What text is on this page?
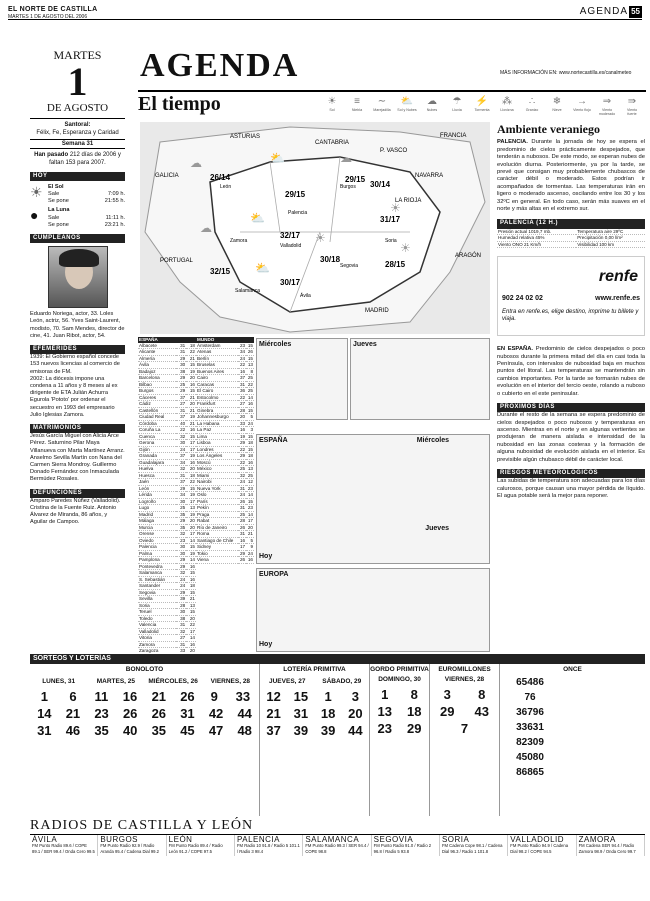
EL NORTE DE CASTILLA
MARTES 1 DE AGOSTO DEL 2006	AGENDA 55
MARTES
1
DE AGOSTO
Santoral:
Félix, Fe, Esperanza y Caridad
Semana 31
Han pasado 212 días de 2006 y faltan 153 para 2007.
HOY
☀ El Sol
Sale	7:09 h.
Se pone	21:55 h.
●	La Luna
Sale	11:11 h.
Se pone	23:21 h.
CUMPLEAÑOS
Eduardo Noriega, actor, 33. Loles León, actriz, 56. Yves Saint-Laurent, modisto, 70. Sam Mendes, director de cine, 41. Juan Ribot, actor, 54.
EFEMÉRIDES
1939: El Gobierno español concede 153 nuevos licencias al comercio de emisoras de FM.
2002: La diócesis impone una condena a 11 años y 8 meses al ex dirigente de ETA Julián Achurra Egurola 'Pototo' por ordenar el secuestro en 1993 del empresario Julio Iglesias Zamora.
MATRIMONIOS
Jesús García Miguel con Alicia Arce Pérez. Saturnino Pilar Maya Villanueva con Marta Martínez Arranz. Anselmo Sevilla Martín con Nana del Carmen Sierra Mondroy. Guillermo Donado Fernández con Inmaculada Bermúdez Rosales.
DEFUNCIONES
Amparo Paredes Núñez (Valladolid). Cristina de la Fuente Ruiz. Antonio Álvarez de Miranda, 86 años, y Aguilar de Campoo.
AGENDA	MÁS INFORMACIÓN EN: www.nortecastilla.es/canalmeteo
El tiempo	☀
Sol
≡
Niebla
∼
Marejadilla
⛅
Sol y Nubes
☁
Nubes
☂
Lluvia
⚡
Tormenta
⁂
Llovizna
∴
Granizo
❄
Nieve
→
Viento flojo
⇒
Viento moderado
⇛
Viento fuerte
ASTURIAS
CANTABRIA
P. VASCO
FRANCIA
GALICIA	NAVARRA
LA RIOJA
ARAGÓN
PORTUGAL
MADRID
León	Burgos
Palencia
Zamora
Valladolid
Segovia
Soria
Ávila
Salamanca
26/14
29/15
29/15
31/17
32/17
32/15
30/18
30/17
28/15
30/14
☁	⛅	☁
☀
⛅
☁
☀
⛅
☀
Ambiente veraniego
PALENCIA. Durante la jornada de hoy se espera el predominio de cielos prácticamente despejados, que tenderán a nubosos. De este modo, se esperan nubes de evolución diurna. Posteriormente, ya por la tarde, se prevé que consigan muy probablemente chubascos de carácter débil o moderado. Estos podrían ir acompañados de tormentas. Las temperaturas irán en ligero o moderado ascenso, oscilando entre los 30 y los 32ºC en general. En todo caso, serán más suaves en el norte y más altas en el extremo sur.
PALENCIA (12 H.)
Presión actual 1019,7 mb.	Temperatura aire 29ºC
Humedad relativa 45%	Precipitación 0,00 l/m²
Viento ONO 21 Km/h	Visibilidad 100 km
renfe
902 24 02 02	www.renfe.es
Entra en renfe.es, elige destino, imprime tu billete y viaja.
EN ESPAÑA. Predominio de cielos despejados o poco nubosos durante la primera mitad del día en casi toda la Península, con intervalos de nubosidad baja en muchos puntos del litoral. Las temperaturas se mantendrán sin cambios importantes. Por la tarde se formarán nubes de evolución en el interior del tercio oeste, rolando a nuboso o cubierto en el este peninsular.
PRÓXIMOS DÍAS
Durante el resto de la semana se espera predominio de cielos despejados o poco nubosos y temperaturas en ascenso. Mientras en el norte y en algunas vertientes se produjeran de manera aislada e intensidad de la nubosidad en las zonas costeras y la formación de alguna nubosidad de evolución aislada en el interior. Es previsible algún chubasco débil de carácter local.
RIESGOS METEOROLÓGICOS
Las subidas de temperatura son adecuadas para los días calurosos, porque causan una mayor pérdida de líquido. El agua potable será la mejor para reponer.
ESPAÑA		
Albacete	31	18
Alicante	31	22
Almería	29	21
Ávila	30	15
Badajoz	38	19
Barcelona	29	20
Bilbao	25	16
Burgos	29	15
Cáceres	37	21
Cádiz	27	20
Castellón	31	21
Ciudad Real	37	19
Córdoba	40	21
Coruña La	22	16
Cuenca	32	15
Gerona	30	17
Gijón	24	17
Granada	37	19
Guadalajara	34	16
Huelva	32	20
Huesca	31	18
Jaén	37	22
León	29	15
Lérida	34	19
Logroño	30	17
Lugo	25	13
Madrid	35	19
Málaga	29	20
Murcia	35	20
Orense	32	17
Oviedo	23	14
Palencia	30	15
Palma	30	19
Pamplona	29	14
Pontevedra	29	16
Salamanca	32	15
S. Sebastián	24	16
Santander	24	18
Segovia	29	15
Sevilla	39	21
Soria	28	13
Teruel	30	15
Toledo	38	20
Valencia	31	22
Valladolid	32	17
Vitoria	27	14
Zamora	31	16
Zaragoza	33	20
MUNDO		
Ámsterdam	23	15
Atenas	34	26
Berlín	24	15
Bruselas	22	13
Buenos Aires	16	8
Cairo	37	25
Caracas	31	22
El Cairo	36	25
Estocolmo	22	14
Frankfurt	27	16
Ginebra	28	15
Johannesburgo	20	5
La Habana	33	24
La Paz	16	3
Lima	19	15
Lisboa	29	18
Londres	22	15
Los Ángeles	29	18
Moscú	22	16
México	25	13
Miami	32	25
Nairobi	24	12
Nueva York	31	23
Oslo	24	14
París	26	15
Pekín	31	23
Praga	25	14
Rabat	28	17
Río de Janeiro	26	20
Roma	31	21
Santiago de Chile	16	5
Sidney	17	9
Tokio	29	24
Viena	26	16
Miércoles	Jueves
ESPAÑA
Hoy
Miércoles
Jueves
EUROPA
Hoy
SORTEOS Y LOTERÍAS
BONOLOTO
LUNES, 31
1 6
14 21
31 46
MARTES, 25
11 16
23 26
35 40
MIÉRCOLES, 26
21 26
26 31
35 45
VIERNES, 28
9 33
42 44
47 48
LOTERÍA PRIMITIVA
JUEVES, 27
12 15
21 31
37 39
SÁBADO, 29
1 3
18 20
39 44
GORDO PRIMITIVA
DOMINGO, 30
1 8
13 18
23 29
EUROMILLONES
VIERNES, 28
3 8
29 43
7
ONCE
65486
76
36796
33631
82309
45080
86865
RADIOS DE CASTILLA Y LEÓN
ÁVILA
FM Punto Radio 89.6 / COPE 89.1 / SER 99.4 / Onda Cero 99.5
BURGOS
FM Punto Radio 92.9 / Radio Aranda 95.4 / Cadena Dial 99.2
LEÓN
FM Punto Radio 89.4 / Radio León 91.2 / COPE 97.5
PALENCIA
FM Radio 10 91.8 / Radio 5 101.1 / Radio 3 98.4
SALAMANCA
FM Punto Radio 99.3 / SER 94.4 / COPE 98.8
SEGOVIA
FM Punto Radio 91.0 / Radio 2 96.8 / Radio 5 93.8
SORIA
FM Cadena Cope 98.1 / Cadena Dial 96.3 / Radio 1 101.8
VALLADOLID
FM Punto Radio 94.9 / Cadena Dial 98.2 / COPE 94.5
ZAMORA
FM Cadena SER 94.4 / Radio Zamora 98.9 / Onda Cero 99.7
